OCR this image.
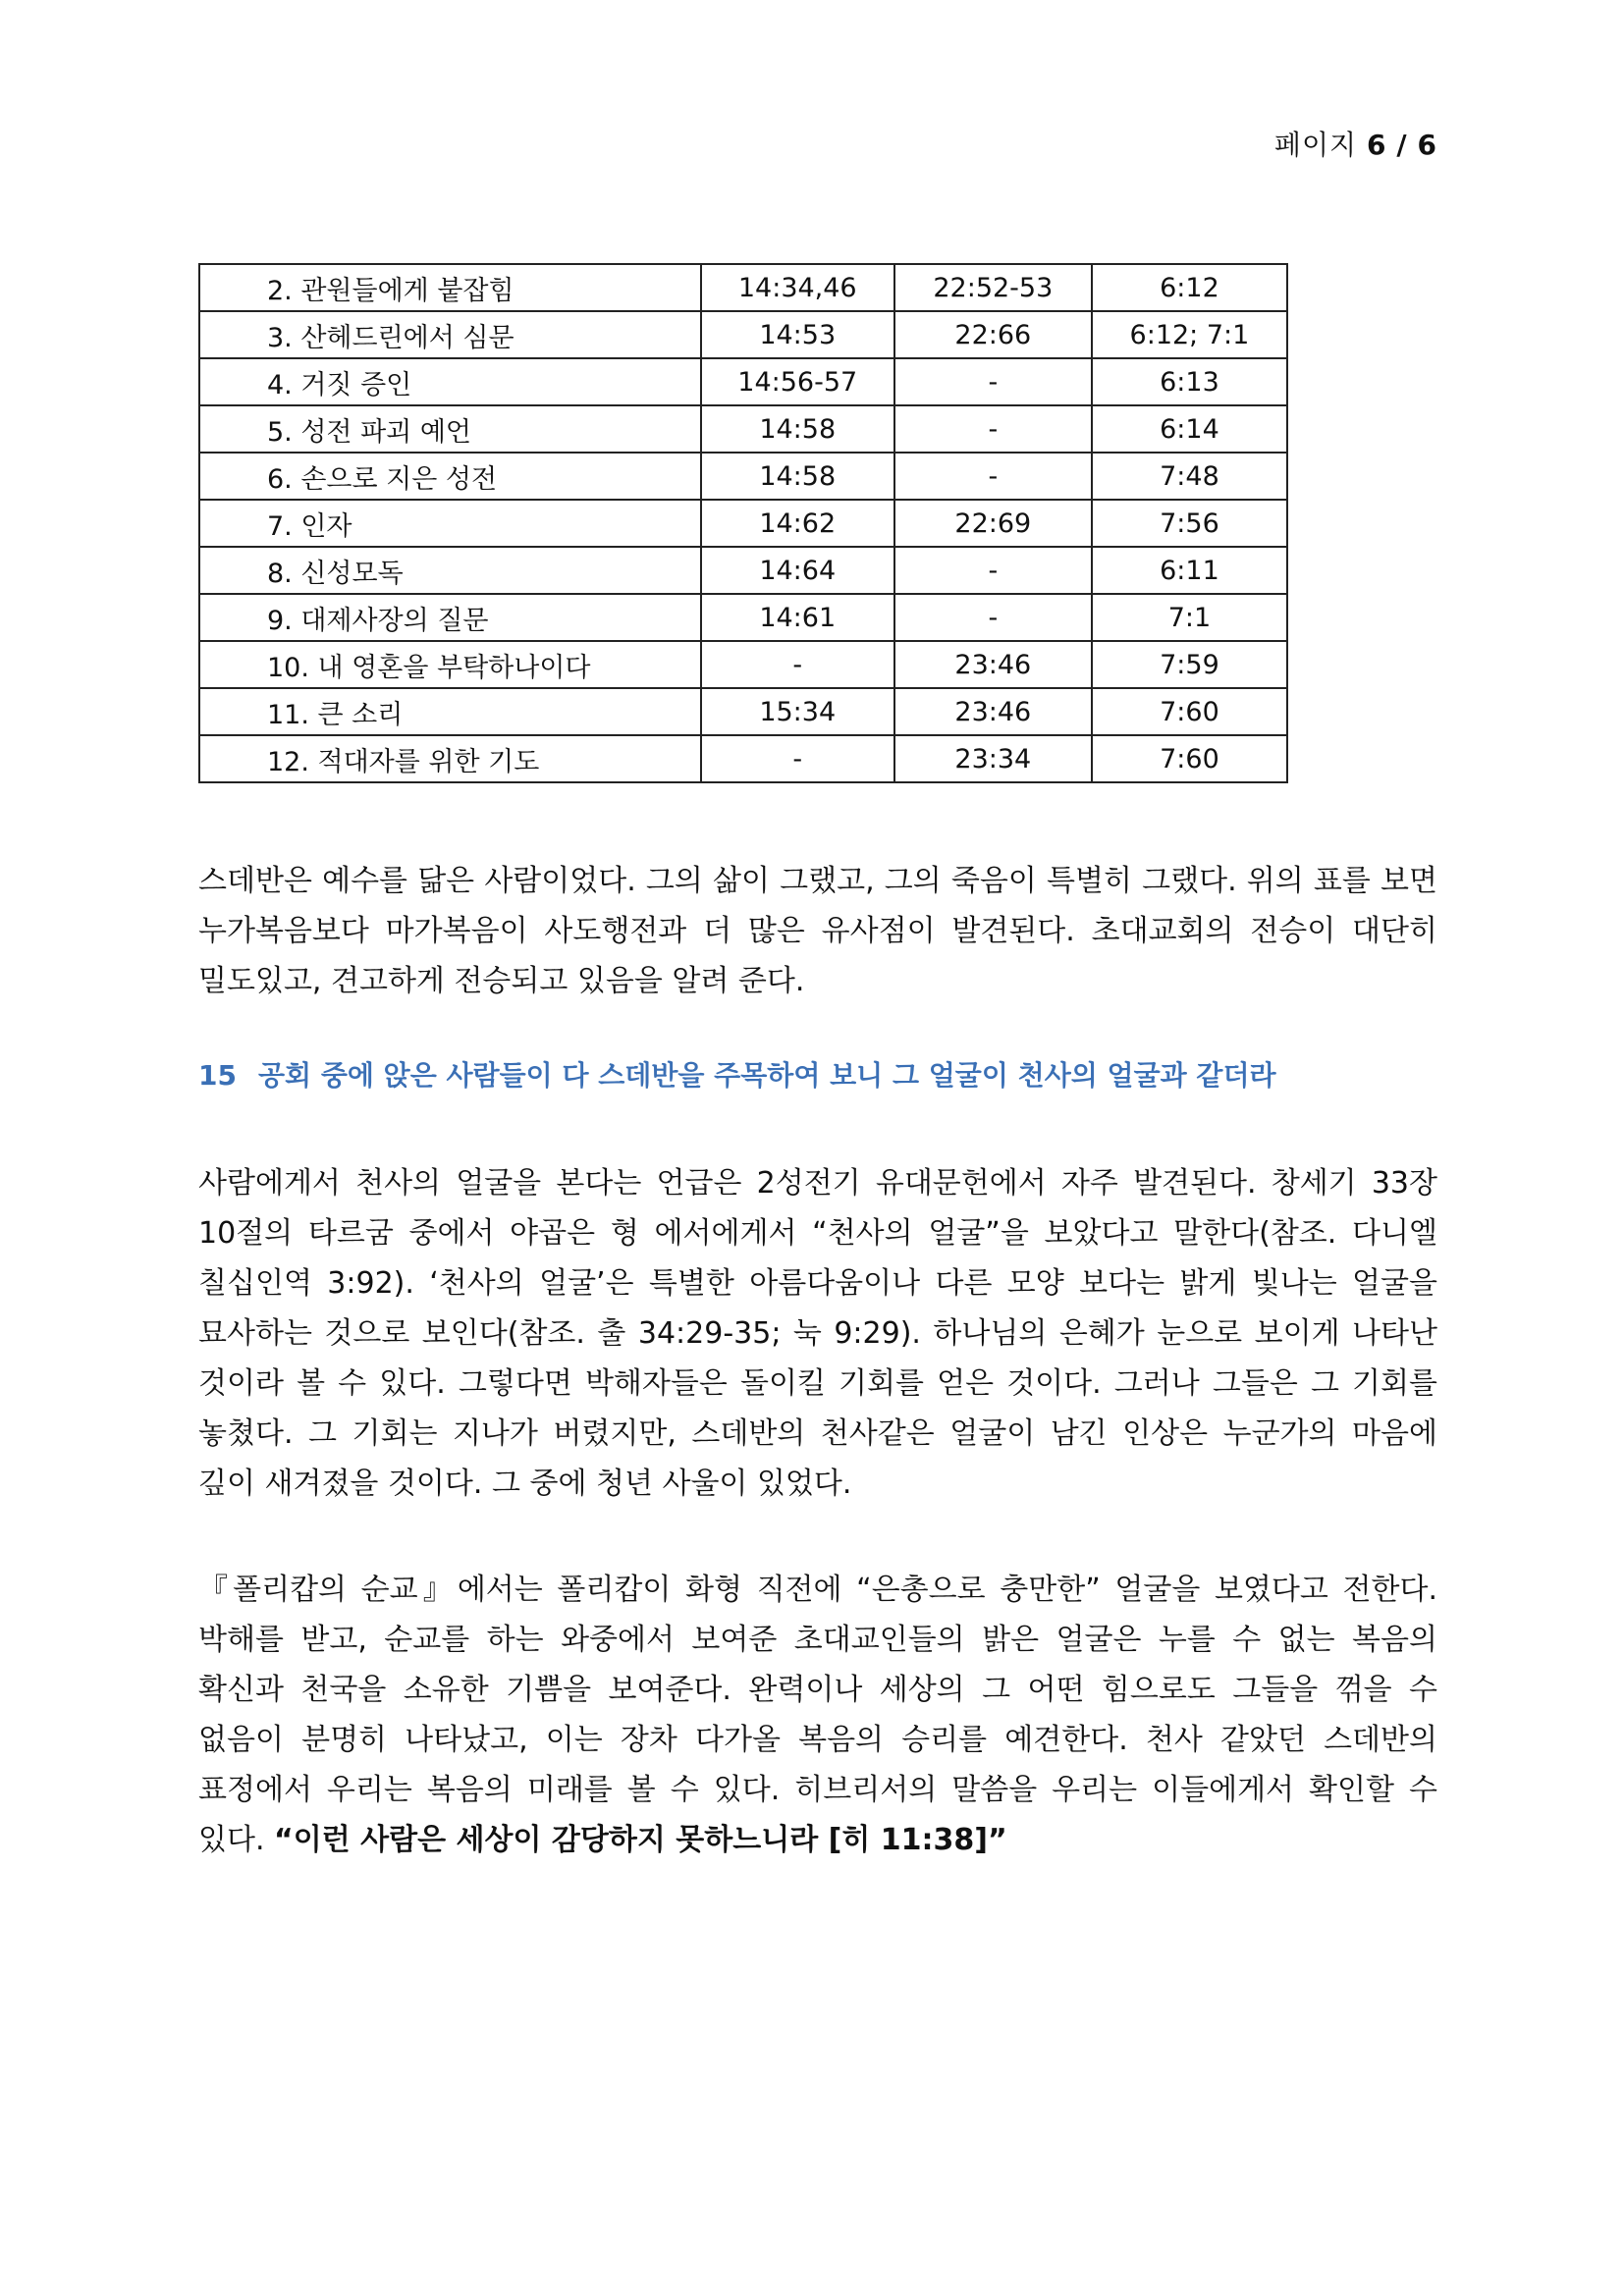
페이지 6 / 6
2. 관원들에게 붙잡힘	14:34,46	22:52-53	6:12
3. 산헤드린에서 심문	14:53	22:66	6:12; 7:1
4. 거짓 증인	14:56-57	-	6:13
5. 성전 파괴 예언	14:58	-	6:14
6. 손으로 지은 성전	14:58	-	7:48
7. 인자	14:62	22:69	7:56
8. 신성모독	14:64	-	6:11
9. 대제사장의 질문	14:61	-	7:1
10. 내 영혼을 부탁하나이다	-	23:46	7:59
11. 큰 소리	15:34	23:46	7:60
12. 적대자를 위한 기도	-	23:34	7:60
스데반은 예수를 닮은 사람이었다. 그의 삶이 그랬고, 그의 죽음이 특별히 그랬다. 위의 표를 보면 누가복음보다 마가복음이 사도행전과 더 많은 유사점이 발견된다. 초대교회의 전승이 대단히 밀도있고, 견고하게 전승되고 있음을 알려 준다.
15 공회 중에 앉은 사람들이 다 스데반을 주목하여 보니 그 얼굴이 천사의 얼굴과 같더라
사람에게서 천사의 얼굴을 본다는 언급은 2성전기 유대문헌에서 자주 발견된다. 창세기 33장 10절의 타르굼 중에서 야곱은 형 에서에게서 “천사의 얼굴”을 보았다고 말한다(참조. 다니엘 칠십인역 3:92). ‘천사의 얼굴’은 특별한 아름다움이나 다른 모양 보다는 밝게 빛나는 얼굴을 묘사하는 것으로 보인다(참조. 출 34:29-35; 눅 9:29). 하나님의 은혜가 눈으로 보이게 나타난 것이라 볼 수 있다. 그렇다면 박해자들은 돌이킬 기회를 얻은 것이다. 그러나 그들은 그 기회를 놓쳤다. 그 기회는 지나가 버렸지만, 스데반의 천사같은 얼굴이 남긴 인상은 누군가의 마음에 깊이 새겨졌을 것이다. 그 중에 청년 사울이 있었다.
『폴리캅의 순교』에서는 폴리캅이 화형 직전에 “은총으로 충만한” 얼굴을 보였다고 전한다. 박해를 받고, 순교를 하는 와중에서 보여준 초대교인들의 밝은 얼굴은 누를 수 없는 복음의 확신과 천국을 소유한 기쁨을 보여준다. 완력이나 세상의 그 어떤 힘으로도 그들을 꺾을 수 없음이 분명히 나타났고, 이는 장차 다가올 복음의 승리를 예견한다. 천사 같았던 스데반의 표정에서 우리는 복음의 미래를 볼 수 있다. 히브리서의 말씀을 우리는 이들에게서 확인할 수 있다. “이런 사람은 세상이 감당하지 못하느니라 [히 11:38]”
